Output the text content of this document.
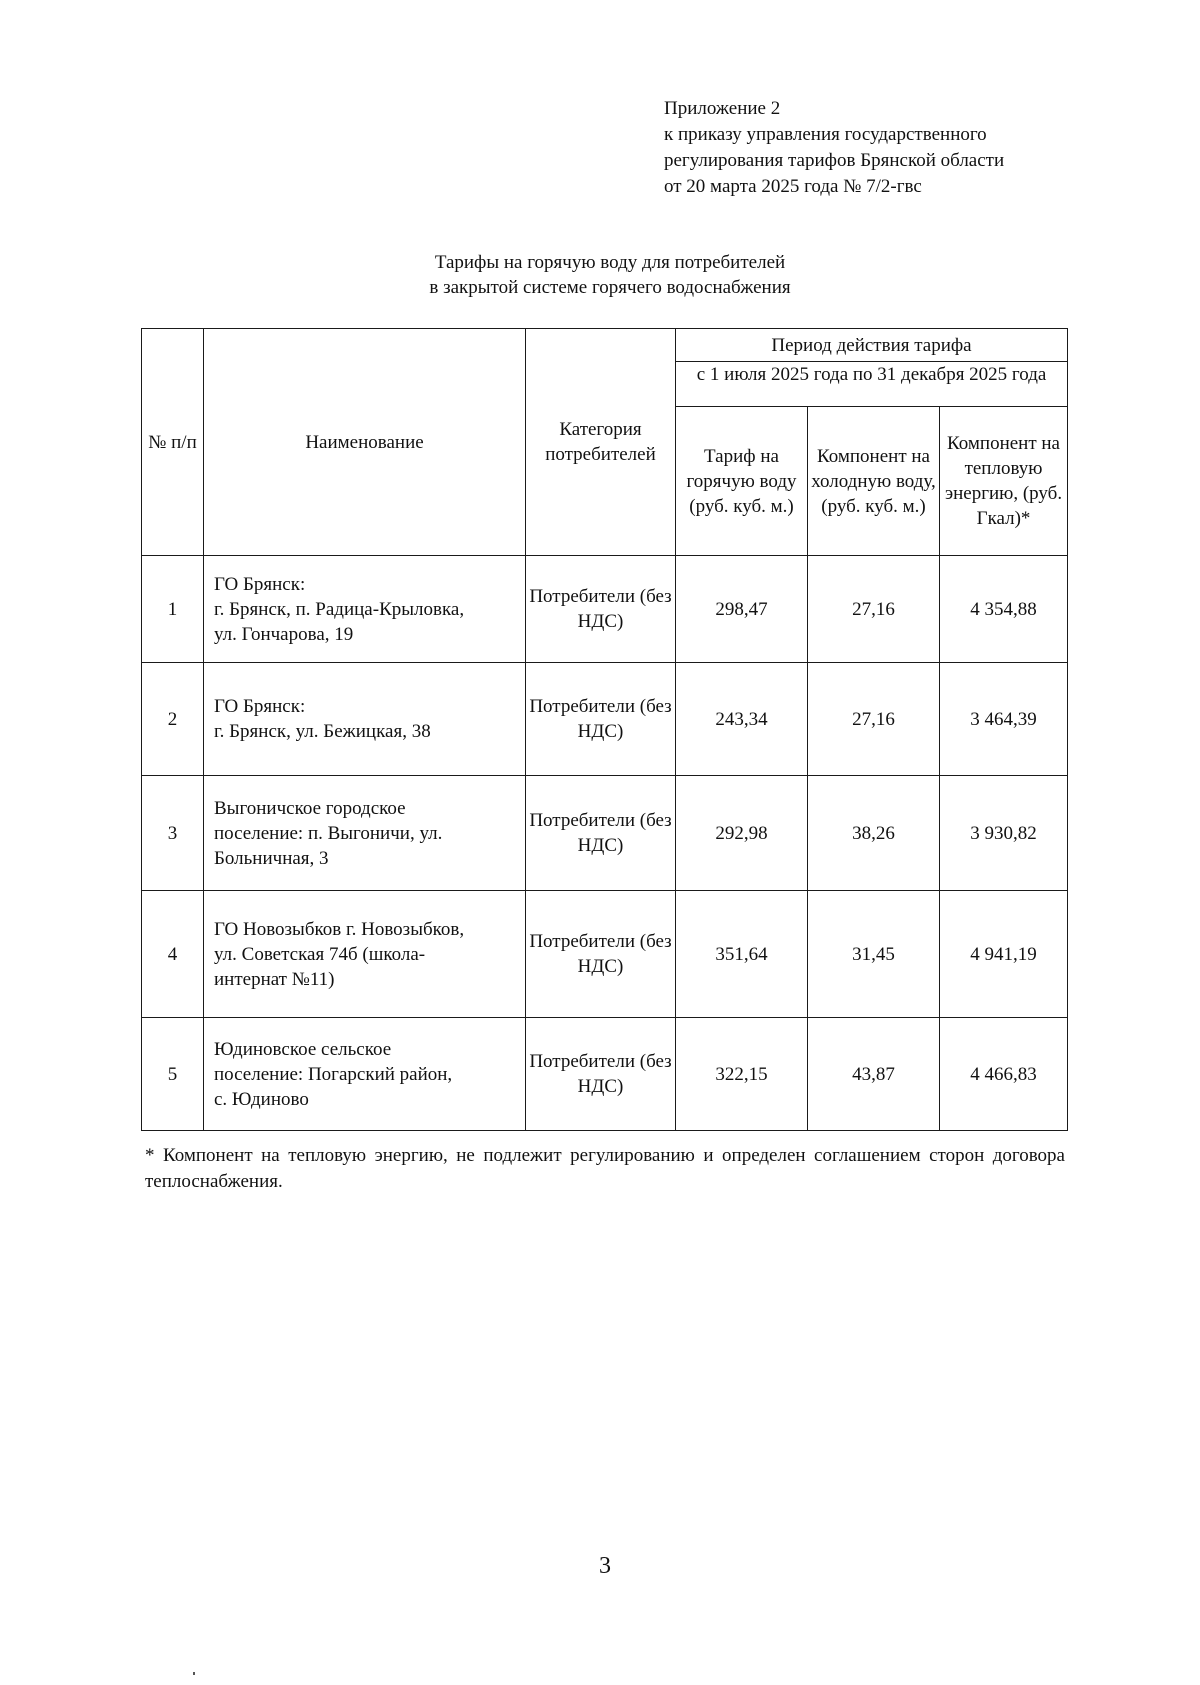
Приложение 2
к приказу управления государственного
регулирования тарифов Брянской области
от 20 марта 2025 года № 7/2-гвс
Тарифы на горячую воду для потребителей
в закрытой системе горячего водоснабжения
№ п/п	Наименование	Категория потребителей	Период действия тарифа		
			с 1 июля 2025 года по 31 декабря 2025 года		
			Тариф на горячую воду (руб. куб. м.)	Компонент на холодную воду, (руб. куб. м.)	Компонент на тепловую энергию, (руб. Гкал)*
1	ГО Брянск:
г. Брянск, п. Радица-Крыловка,
ул. Гончарова, 19	Потребители (без НДС)	298,47	27,16	4 354,88
2	ГО Брянск:
г. Брянск, ул. Бежицкая, 38	Потребители (без НДС)	243,34	27,16	3 464,39
3	Выгоничское городское
поселение: п. Выгоничи, ул.
Больничная, 3	Потребители (без НДС)	292,98	38,26	3 930,82
4	ГО Новозыбков г. Новозыбков,
ул. Советская 74б (школа-
интернат №11)	Потребители (без НДС)	351,64	31,45	4 941,19
5	Юдиновское сельское
поселение: Погарский район,
с. Юдиново	Потребители (без НДС)	322,15	43,87	4 466,83
* Компонент на тепловую энергию, не подлежит регулированию и определен соглашением сторон договора теплоснабжения.
3
